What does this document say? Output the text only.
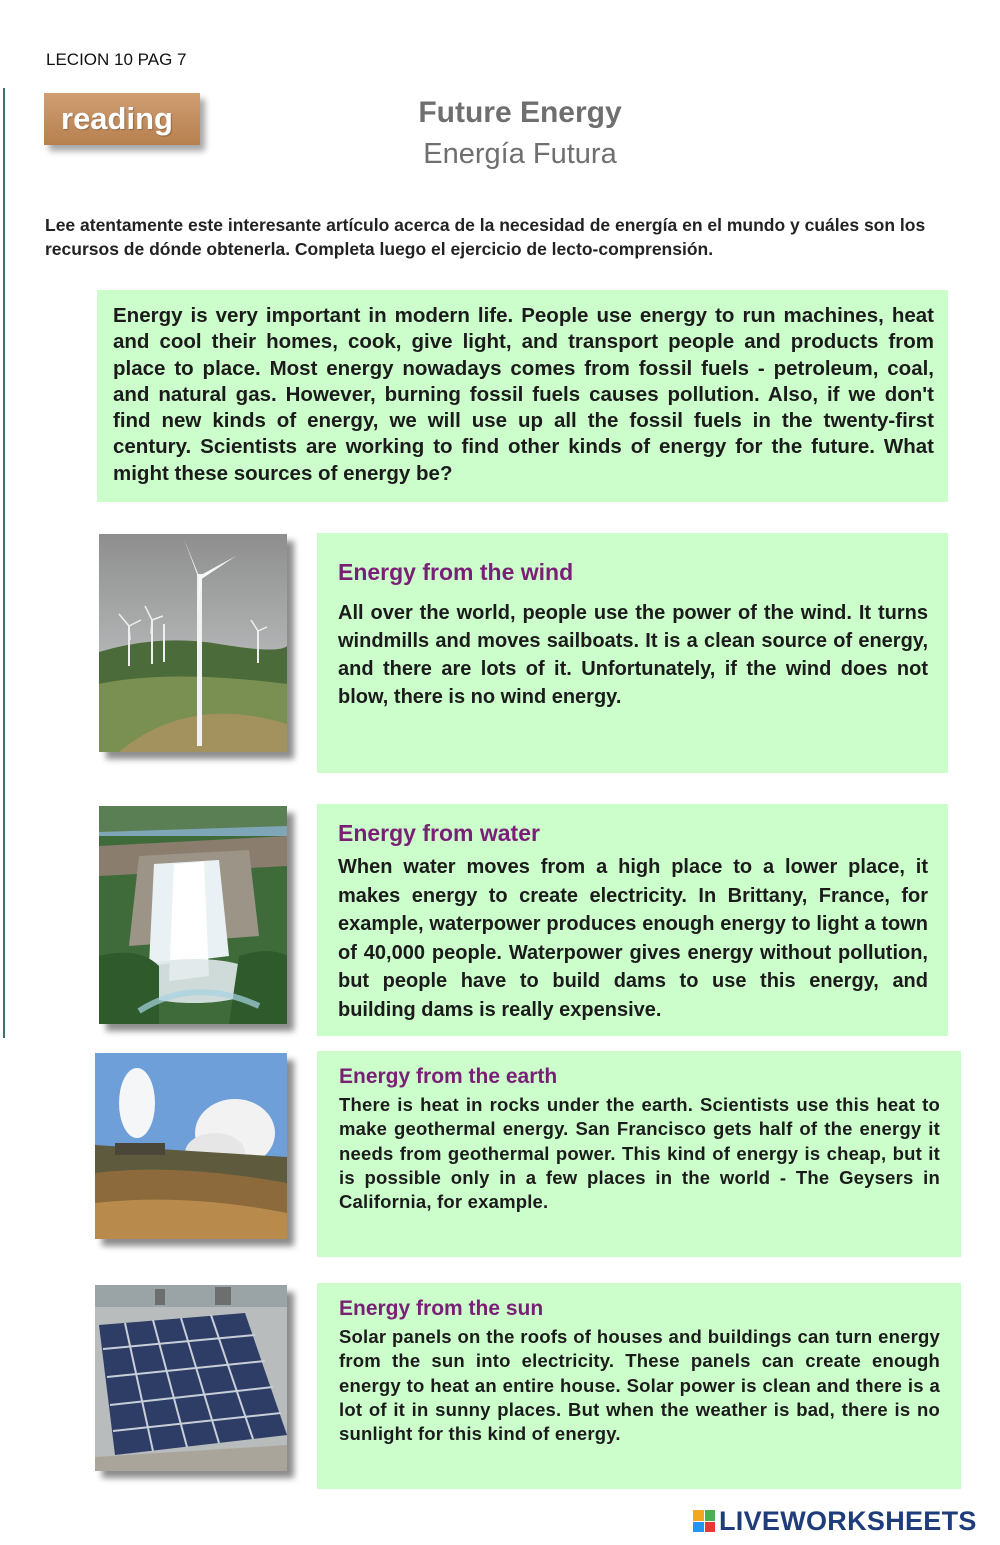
LECION 10 PAG 7
reading	Future Energy
Energía Futura
Lee atentamente este interesante artículo acerca de la necesidad de energía en el mundo y cuáles son los recursos de dónde obtenerla. Completa luego el ejercicio de lecto-comprensión.

Energy is very important in modern life. People use energy to run machines, heat and cool their homes, cook, give light, and transport people and products from place to place. Most energy nowadays comes from fossil fuels - petroleum, coal, and natural gas. However, burning fossil fuels causes pollution. Also, if we don't find new kinds of energy, we will use up all the fossil fuels in the twenty-first century. Scientists are working to find other kinds of energy for the future. What might these sources of energy be?

Energy from the wind

All over the world, people use the power of the wind. It turns windmills and moves sailboats. It is a clean source of energy, and there are lots of it. Unfortunately, if the wind does not blow, there is no wind energy.

Energy from water

When water moves from a high place to a lower place, it makes energy to create electricity. In Brittany, France, for example, waterpower produces enough energy to light a town of 40,000 people. Waterpower gives energy without pollution, but people have to build dams to use this energy, and building dams is really expensive.

Energy from the earth

There is heat in rocks under the earth. Scientists use this heat to make geothermal energy. San Francisco gets half of the energy it needs from geothermal power. This kind of energy is cheap, but it is possible only in a few places in the world - The Geysers in California, for example.

Energy from the sun

Solar panels on the roofs of houses and buildings can turn energy from the sun into electricity. These panels can create enough energy to heat an entire house. Solar power is clean and there is a lot of it in sunny places. But when the weather is bad, there is no sunlight for this kind of energy.

LIVEWORKSHEETS
